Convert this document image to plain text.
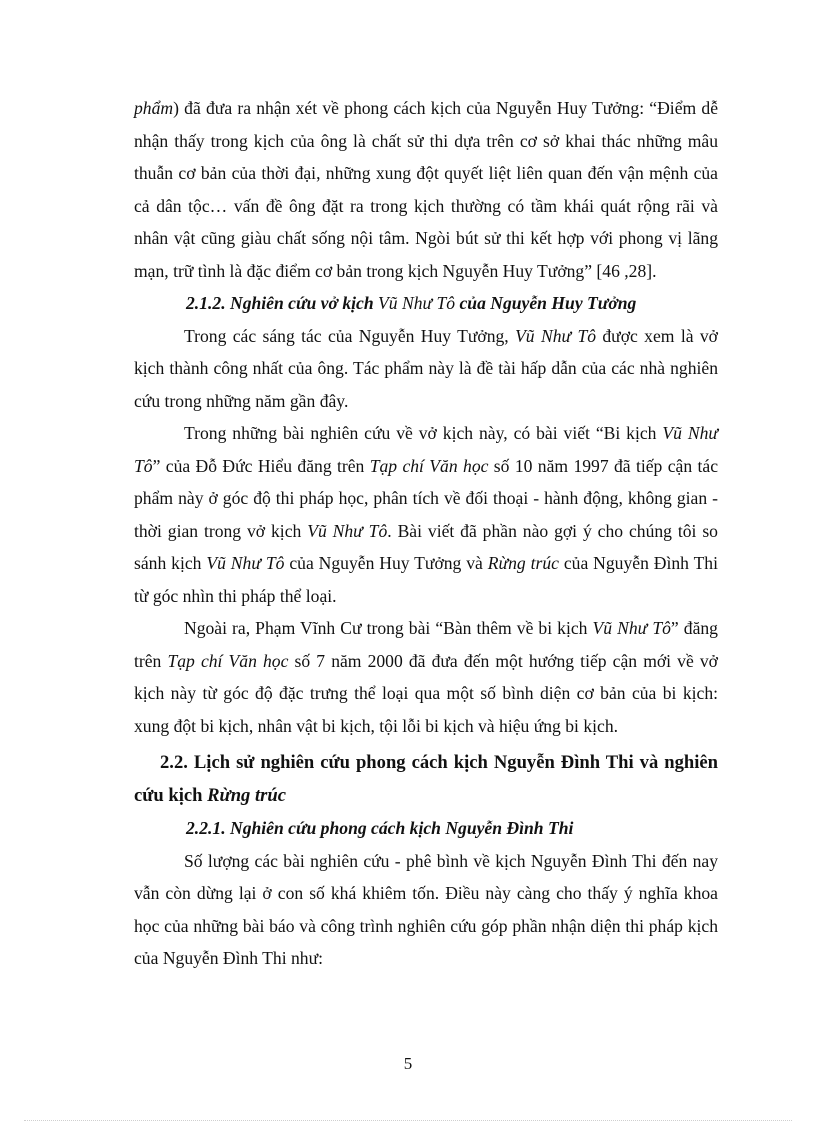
phẩm) đã đưa ra nhận xét về phong cách kịch của Nguyễn Huy Tưởng: “Điểm dễ nhận thấy trong kịch của ông là chất sử thi dựa trên cơ sở khai thác những mâu thuẫn cơ bản của thời đại, những xung đột quyết liệt liên quan đến vận mệnh của cả dân tộc… vấn đề ông đặt ra trong kịch thường có tầm khái quát rộng rãi và nhân vật cũng giàu chất sống nội tâm. Ngòi bút sử thi kết hợp với phong vị lãng mạn, trữ tình là đặc điểm cơ bản trong kịch Nguyễn Huy Tưởng” [46 ,28].

2.1.2. Nghiên cứu vở kịch Vũ Như Tô của Nguyễn Huy Tưởng

Trong các sáng tác của Nguyễn Huy Tưởng, Vũ Như Tô được xem là vở kịch thành công nhất của ông. Tác phẩm này là đề tài hấp dẫn của các nhà nghiên cứu trong những năm gần đây.

Trong những bài nghiên cứu về vở kịch này, có bài viết “Bi kịch Vũ Như Tô” của Đỗ Đức Hiểu đăng trên Tạp chí Văn học số 10 năm 1997 đã tiếp cận tác phẩm này ở góc độ thi pháp học, phân tích về đối thoại - hành động, không gian - thời gian trong vở kịch Vũ Như Tô. Bài viết đã phần nào gợi ý cho chúng tôi so sánh kịch Vũ Như Tô của Nguyễn Huy Tưởng và Rừng trúc của Nguyễn Đình Thi từ góc nhìn thi pháp thể loại.

Ngoài ra, Phạm Vĩnh Cư trong bài “Bàn thêm về bi kịch Vũ Như Tô” đăng trên Tạp chí Văn học số 7 năm 2000 đã đưa đến một hướng tiếp cận mới về vở kịch này từ góc độ đặc trưng thể loại qua một số bình diện cơ bản của bi kịch: xung đột bi kịch, nhân vật bi kịch, tội lỗi bi kịch và hiệu ứng bi kịch.

2.2. Lịch sử nghiên cứu phong cách kịch Nguyễn Đình Thi và nghiên cứu kịch Rừng trúc

2.2.1. Nghiên cứu phong cách kịch Nguyễn Đình Thi

Số lượng các bài nghiên cứu - phê bình về kịch Nguyễn Đình Thi đến nay vẫn còn dừng lại ở con số khá khiêm tốn. Điều này càng cho thấy ý nghĩa khoa học của những bài báo và công trình nghiên cứu góp phần nhận diện thi pháp kịch của Nguyễn Đình Thi như:

5
